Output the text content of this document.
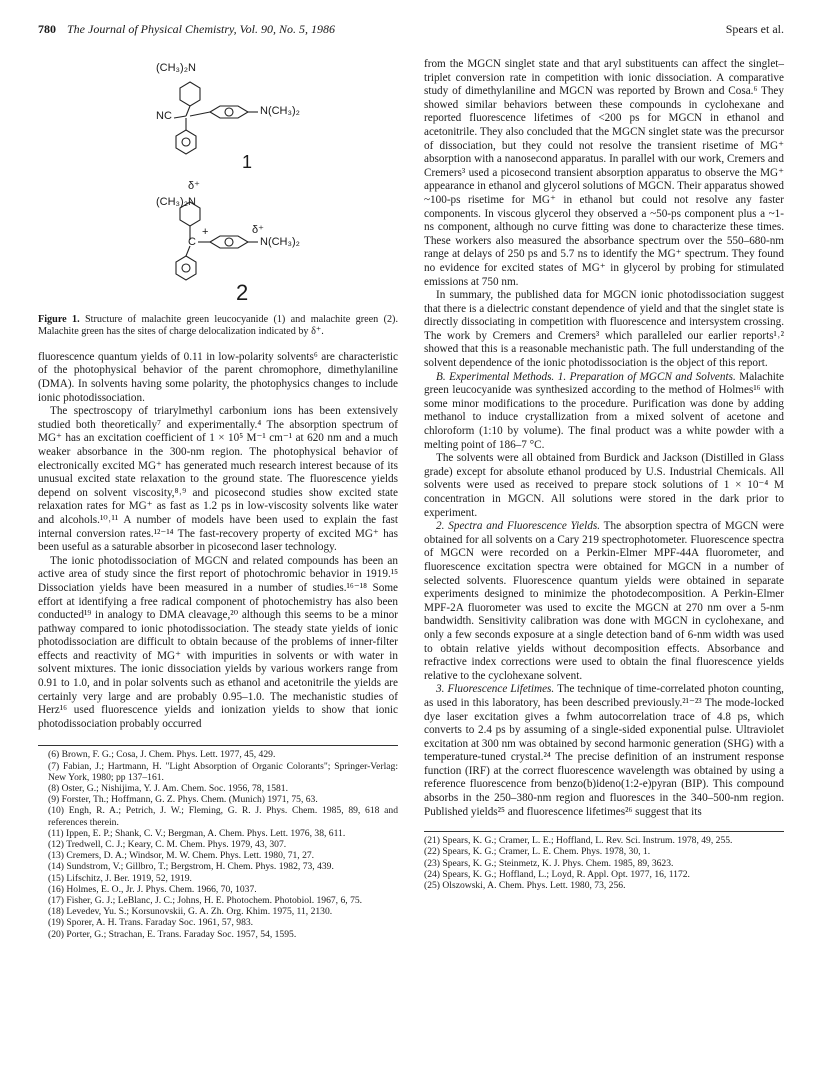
780 The Journal of Physical Chemistry, Vol. 90, No. 5, 1986	Spears et al.
(CH₃)₂N
NC	N(CH₃)₂
1
δ⁺
(CH₃)₂N
+
C
δ⁺
N(CH₃)₂
2
Figure 1. Structure of malachite green leucocyanide (1) and malachite green (2). Malachite green has the sites of charge delocalization indicated by δ⁺.

fluorescence quantum yields of 0.11 in low-polarity solvents⁶ are characteristic of the photophysical behavior of the parent chromophore, dimethylaniline (DMA). In solvents having some polarity, the photophysics changes to include ionic photodissociation.

The spectroscopy of triarylmethyl carbonium ions has been extensively studied both theoretically⁷ and experimentally.⁴ The absorption spectrum of MG⁺ has an excitation coefficient of 1 × 10⁵ M⁻¹ cm⁻¹ at 620 nm and a much weaker absorbance in the 300-nm region. The photophysical behavior of electronically excited MG⁺ has generated much research interest because of its unusual excited state relaxation to the ground state. The fluorescence yields depend on solvent viscosity,⁸˒⁹ and picosecond studies show excited state relaxation rates for MG⁺ as fast as 1.2 ps in low-viscosity solvents like water and alcohols.¹⁰˒¹¹ A number of models have been used to explain the fast internal conversion rates.¹²⁻¹⁴ The fast-recovery property of excited MG⁺ has been useful as a saturable absorber in picosecond laser technology.

The ionic photodissociation of MGCN and related compounds has been an active area of study since the first report of photochromic behavior in 1919.¹⁵ Dissociation yields have been measured in a number of studies.¹⁶⁻¹⁸ Some effort at identifying a free radical component of photochemistry has also been conducted¹⁹ in analogy to DMA cleavage,²⁰ although this seems to be a minor pathway compared to ionic photodissociation. The steady state yields of ionic photodissociation are difficult to obtain because of the problems of inner-filter effects and reactivity of MG⁺ with impurities in solvents or with water in solvent mixtures. The ionic dissociation yields by various workers range from 0.91 to 1.0, and in polar solvents such as ethanol and acetonitrile the yields are certainly very large and are probably 0.95–1.0. The mechanistic studies of Herz¹⁶ used fluorescence yields and ionization yields to show that ionic photodissociation probably occurred

(6) Brown, F. G.; Cosa, J. Chem. Phys. Lett. 1977, 45, 429.
(7) Fabian, J.; Hartmann, H. "Light Absorption of Organic Colorants"; Springer-Verlag: New York, 1980; pp 137–161.
(8) Oster, G.; Nishijima, Y. J. Am. Chem. Soc. 1956, 78, 1581.
(9) Forster, Th.; Hoffmann, G. Z. Phys. Chem. (Munich) 1971, 75, 63.
(10) Engh, R. A.; Petrich, J. W.; Fleming, G. R. J. Phys. Chem. 1985, 89, 618 and references therein.
(11) Ippen, E. P.; Shank, C. V.; Bergman, A. Chem. Phys. Lett. 1976, 38, 611.
(12) Tredwell, C. J.; Keary, C. M. Chem. Phys. 1979, 43, 307.
(13) Cremers, D. A.; Windsor, M. W. Chem. Phys. Lett. 1980, 71, 27.
(14) Sundstrom, V.; Gillbro, T.; Bergstrom, H. Chem. Phys. 1982, 73, 439.
(15) Lifschitz, J. Ber. 1919, 52, 1919.
(16) Holmes, E. O., Jr. J. Phys. Chem. 1966, 70, 1037.
(17) Fisher, G. J.; LeBlanc, J. C.; Johns, H. E. Photochem. Photobiol. 1967, 6, 75.
(18) Levedev, Yu. S.; Korsunovskii, G. A. Zh. Org. Khim. 1975, 11, 2130.
(19) Sporer, A. H. Trans. Faraday Soc. 1961, 57, 983.
(20) Porter, G.; Strachan, E. Trans. Faraday Soc. 1957, 54, 1595.

from the MGCN singlet state and that aryl substituents can affect the singlet–triplet conversion rate in competition with ionic dissociation. A comparative study of dimethylaniline and MGCN was reported by Brown and Cosa.⁶ They showed similar behaviors between these compounds in cyclohexane and reported fluorescence lifetimes of <200 ps for MGCN in ethanol and acetonitrile. They also concluded that the MGCN singlet state was the precursor of dissociation, but they could not resolve the transient risetime of MG⁺ absorption with a nanosecond apparatus. In parallel with our work, Cremers and Cremers³ used a picosecond transient absorption apparatus to observe the MG⁺ appearance in ethanol and glycerol solutions of MGCN. Their apparatus showed ~100-ps risetime for MG⁺ in ethanol but could not resolve any faster components. In viscous glycerol they observed a ~50-ps component plus a ~1-ns component, although no curve fitting was done to characterize these times. These workers also measured the absorbance spectrum over the 550–680-nm range at delays of 250 ps and 5.7 ns to identify the MG⁺ spectrum. They found no evidence for excited states of MG⁺ in glycerol by probing for stimulated emissions at 750 nm.

In summary, the published data for MGCN ionic photodissociation suggest that there is a dielectric constant dependence of yield and that the singlet state is directly dissociating in competition with fluorescence and intersystem crossing. The work by Cremers and Cremers³ which paralleled our earlier reports¹˒² showed that this is a reasonable mechanistic path. The full understanding of the solvent dependence of the ionic photodissociation is the object of this report.

B. Experimental Methods. 1. Preparation of MGCN and Solvents. Malachite green leucocyanide was synthesized according to the method of Holmes¹⁶ with some minor modifications to the procedure. Purification was done by adding methanol to induce crystallization from a mixed solvent of acetone and chloroform (1:10 by volume). The final product was a white powder with a melting point of 186–7 °C.

The solvents were all obtained from Burdick and Jackson (Distilled in Glass grade) except for absolute ethanol produced by U.S. Industrial Chemicals. All solvents were used as received to prepare stock solutions of 1 × 10⁻⁴ M concentration in MGCN. All solutions were stored in the dark prior to experiment.

2. Spectra and Fluorescence Yields. The absorption spectra of MGCN were obtained for all solvents on a Cary 219 spectrophotometer. Fluorescence spectra of MGCN were recorded on a Perkin-Elmer MPF-44A fluorometer, and fluorescence excitation spectra were obtained for MGCN in a number of selected solvents. Fluorescence quantum yields were obtained in separate experiments designed to minimize the photodecomposition. A Perkin-Elmer MPF-2A fluorometer was used to excite the MGCN at 270 nm over a 5-nm bandwidth. Sensitivity calibration was done with MGCN in cyclohexane, and only a few seconds exposure at a single detection band of 6-nm width was used to obtain relative yields without decomposition effects. Absorbance and refractive index corrections were used to obtain the final fluorescence yields relative to the cyclohexane solvent.

3. Fluorescence Lifetimes. The technique of time-correlated photon counting, as used in this laboratory, has been described previously.²¹⁻²³ The mode-locked dye laser excitation gives a fwhm autocorrelation trace of 4.8 ps, which converts to 2.4 ps by assuming of a single-sided exponential pulse. Ultraviolet excitation at 300 nm was obtained by second harmonic generation (SHG) with a temperature-tuned crystal.²⁴ The precise definition of an instrument response function (IRF) at the correct fluorescence wavelength was obtained by using a reference fluorescence from benzo(b)ideno(1:2-e)pyran (BIP). This compound absorbs in the 250–380-nm region and fluoresces in the 340–500-nm region. Published yields²⁵ and fluorescence lifetimes²⁶ suggest that its

(21) Spears, K. G.; Cramer, L. E.; Hoffland, L. Rev. Sci. Instrum. 1978, 49, 255.
(22) Spears, K. G.; Cramer, L. E. Chem. Phys. 1978, 30, 1.
(23) Spears, K. G.; Steinmetz, K. J. Phys. Chem. 1985, 89, 3623.
(24) Spears, K. G.; Hoffland, L.; Loyd, R. Appl. Opt. 1977, 16, 1172.
(25) Olszowski, A. Chem. Phys. Lett. 1980, 73, 256.
